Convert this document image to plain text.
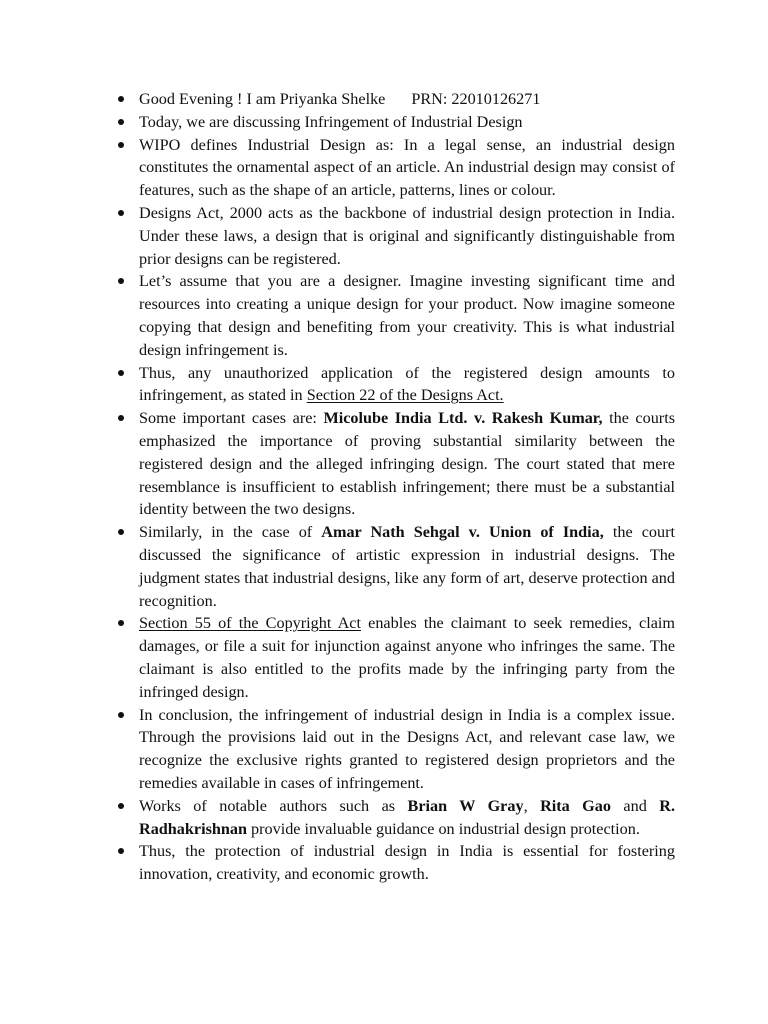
Good Evening ! I am Priyanka Shelke PRN: 22010126271
Today, we are discussing Infringement of Industrial Design
WIPO defines Industrial Design as: In a legal sense, an industrial design constitutes the ornamental aspect of an article. An industrial design may consist of features, such as the shape of an article, patterns, lines or colour.
Designs Act, 2000 acts as the backbone of industrial design protection in India. Under these laws, a design that is original and significantly distinguishable from prior designs can be registered.
Let’s assume that you are a designer. Imagine investing significant time and resources into creating a unique design for your product. Now imagine someone copying that design and benefiting from your creativity. This is what industrial design infringement is.
Thus, any unauthorized application of the registered design amounts to infringement, as stated in Section 22 of the Designs Act.
Some important cases are: Micolube India Ltd. v. Rakesh Kumar, the courts emphasized the importance of proving substantial similarity between the registered design and the alleged infringing design. The court stated that mere resemblance is insufficient to establish infringement; there must be a substantial identity between the two designs.
Similarly, in the case of Amar Nath Sehgal v. Union of India, the court discussed the significance of artistic expression in industrial designs. The judgment states that industrial designs, like any form of art, deserve protection and recognition.
Section 55 of the Copyright Act enables the claimant to seek remedies, claim damages, or file a suit for injunction against anyone who infringes the same. The claimant is also entitled to the profits made by the infringing party from the infringed design.
In conclusion, the infringement of industrial design in India is a complex issue. Through the provisions laid out in the Designs Act, and relevant case law, we recognize the exclusive rights granted to registered design proprietors and the remedies available in cases of infringement.
Works of notable authors such as Brian W Gray, Rita Gao and R. Radhakrishnan provide invaluable guidance on industrial design protection.
Thus, the protection of industrial design in India is essential for fostering innovation, creativity, and economic growth.
